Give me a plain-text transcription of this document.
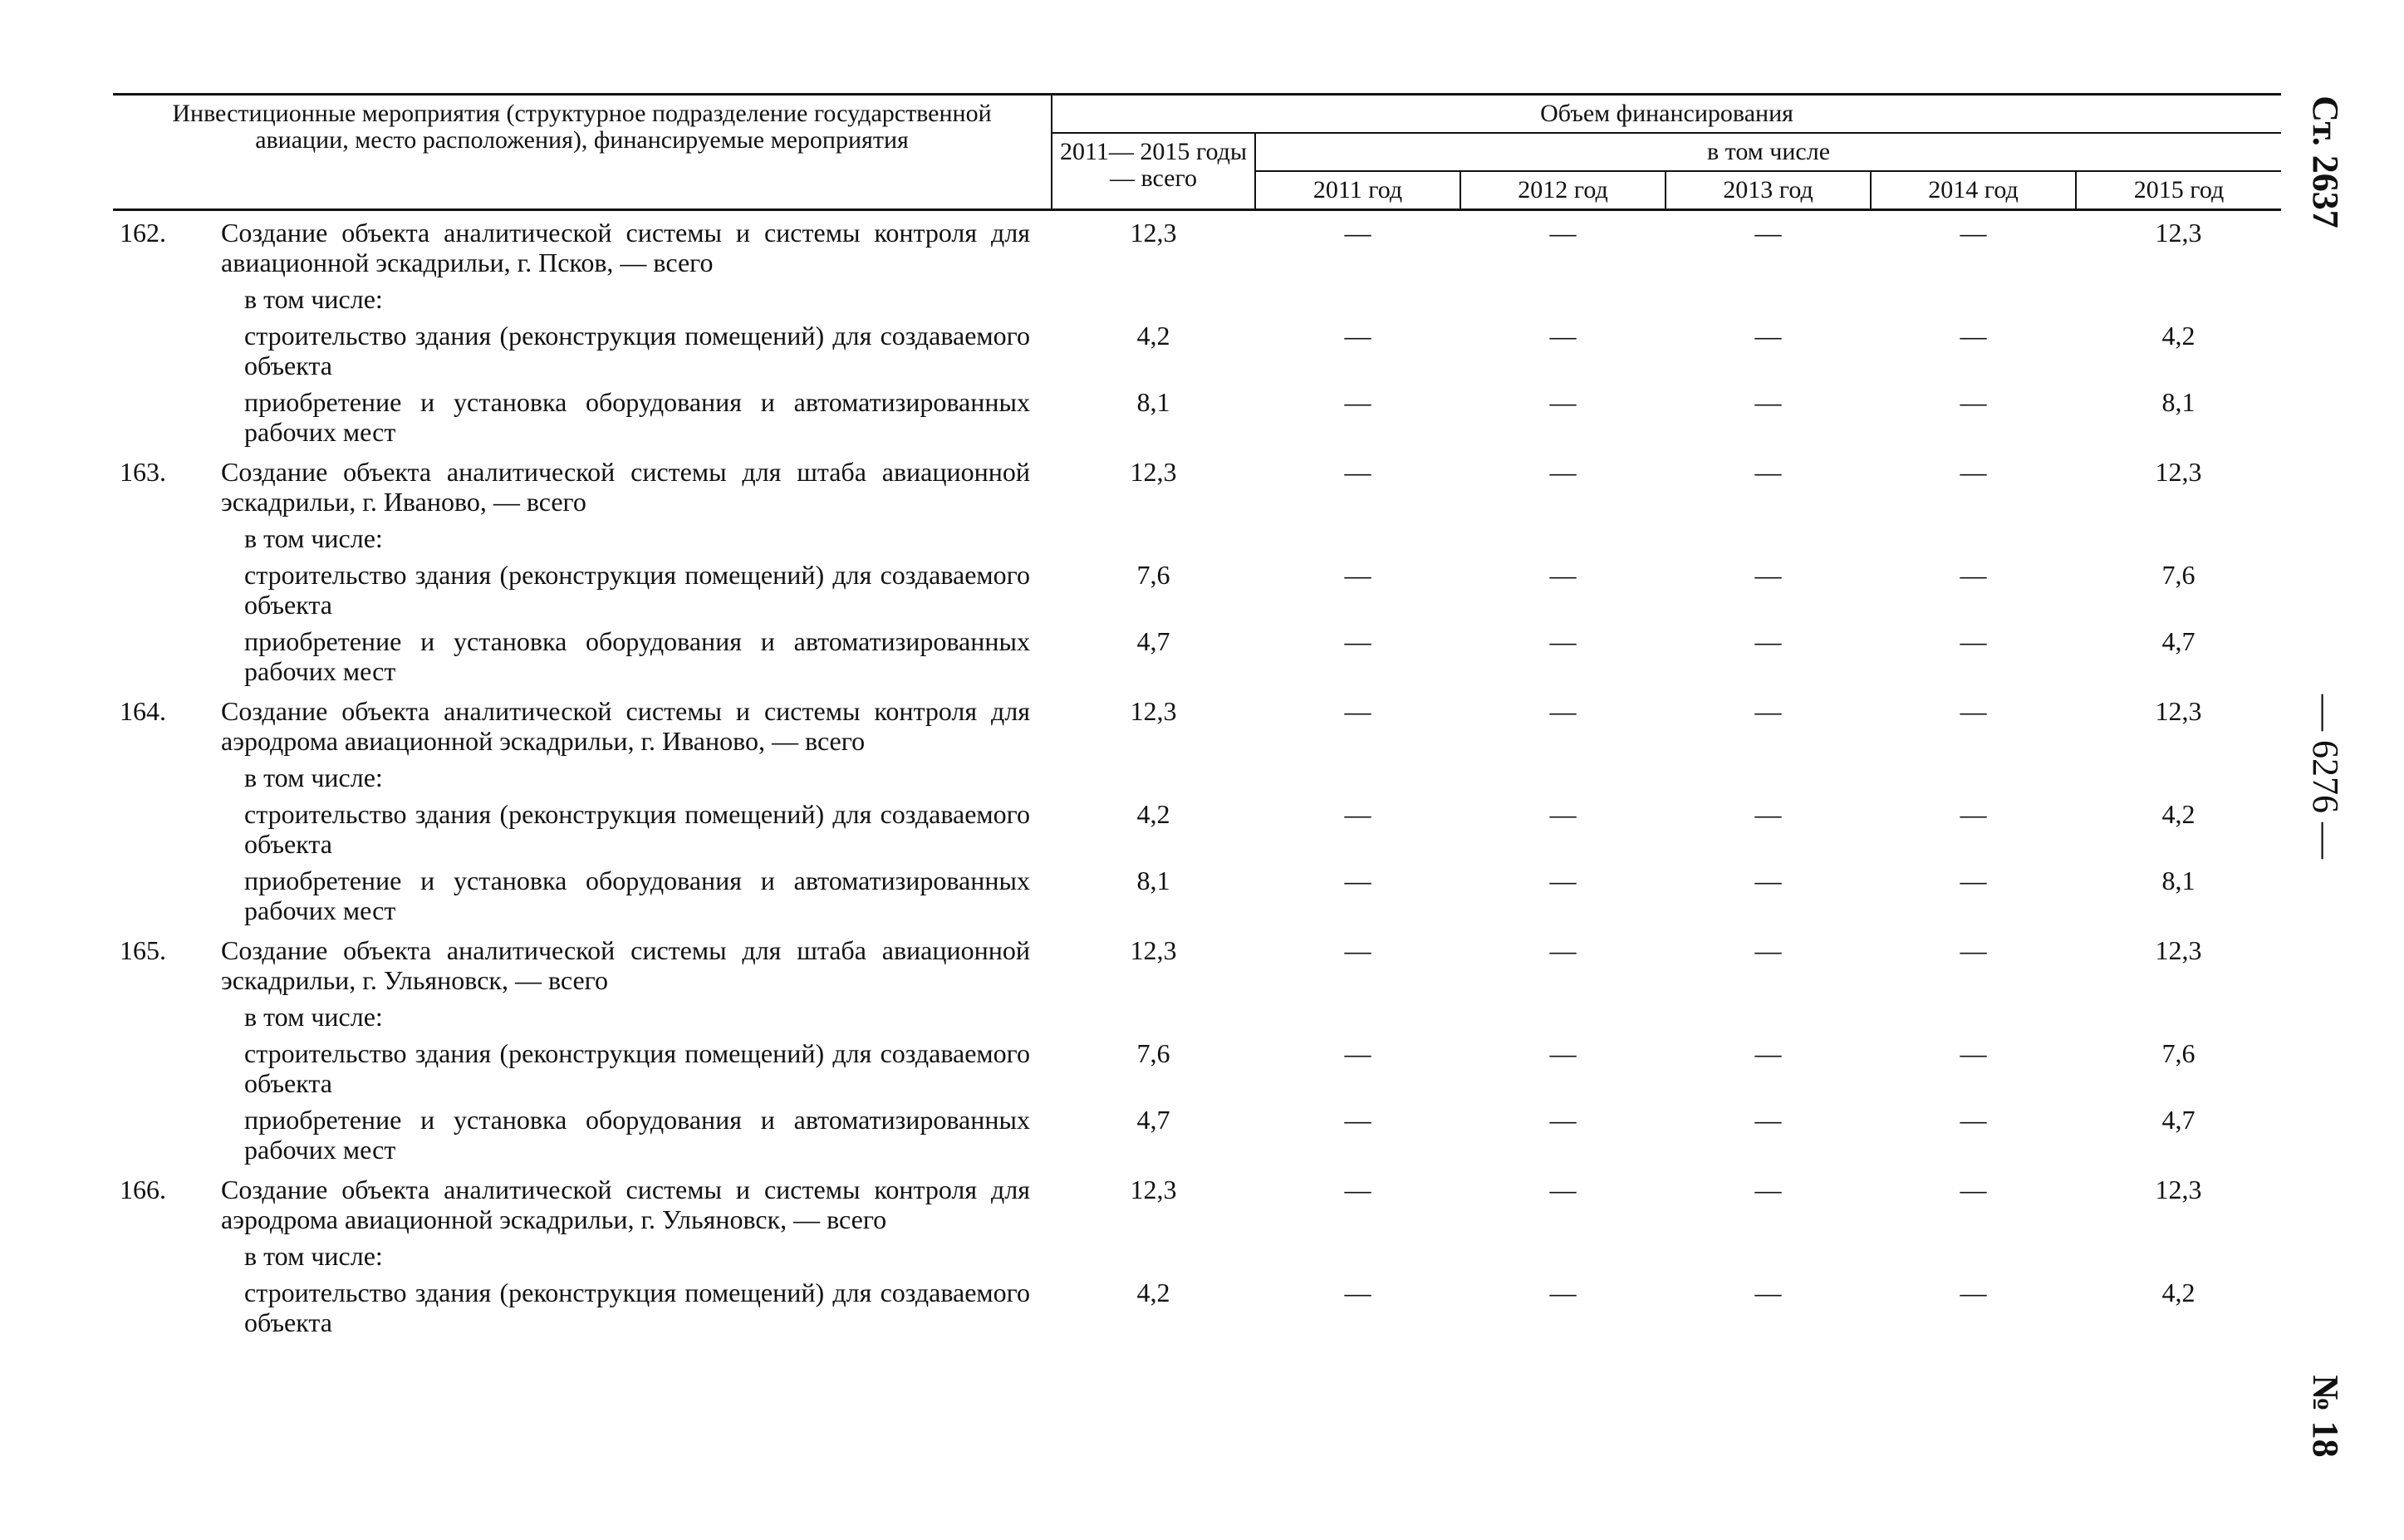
Ст. 2637
— 6276 —
№ 18
Инвестиционные мероприятия (структурное подразделение государственной авиации, место расположения), финансируемые мероприятия	Объем финансирования					
	2011— 2015 годы — всего	в том числе				
		2011 год	2012 год	2013 год	2014 год	2015 год

162. Создание объекта аналитической системы и системы контроля для авиационной эскадрильи, г. Псков, — всего	12,3	—	—	—	—	12,3

в том числе:						

строительство здания (реконструкция помещений) для создаваемого объекта	4,2	—	—	—	—	4,2

приобретение и установка оборудования и автоматизированных рабочих мест	8,1	—	—	—	—	8,1

163. Создание объекта аналитической системы для штаба авиационной эскадрильи, г. Иваново, — всего	12,3	—	—	—	—	12,3

в том числе:						

строительство здания (реконструкция помещений) для создаваемого объекта	7,6	—	—	—	—	7,6

приобретение и установка оборудования и автоматизированных рабочих мест	4,7	—	—	—	—	4,7

164. Создание объекта аналитической системы и системы контроля для аэродрома авиационной эскадрильи, г. Иваново, — всего	12,3	—	—	—	—	12,3

в том числе:						

строительство здания (реконструкция помещений) для создаваемого объекта	4,2	—	—	—	—	4,2

приобретение и установка оборудования и автоматизированных рабочих мест	8,1	—	—	—	—	8,1

165. Создание объекта аналитической системы для штаба авиационной эскадрильи, г. Ульяновск, — всего	12,3	—	—	—	—	12,3

в том числе:						

строительство здания (реконструкция помещений) для создаваемого объекта	7,6	—	—	—	—	7,6

приобретение и установка оборудования и автоматизированных рабочих мест	4,7	—	—	—	—	4,7

166. Создание объекта аналитической системы и системы контроля для аэродрома авиационной эскадрильи, г. Ульяновск, — всего	12,3	—	—	—	—	12,3

в том числе:						

строительство здания (реконструкция помещений) для создаваемого объекта	4,2	—	—	—	—	4,2
